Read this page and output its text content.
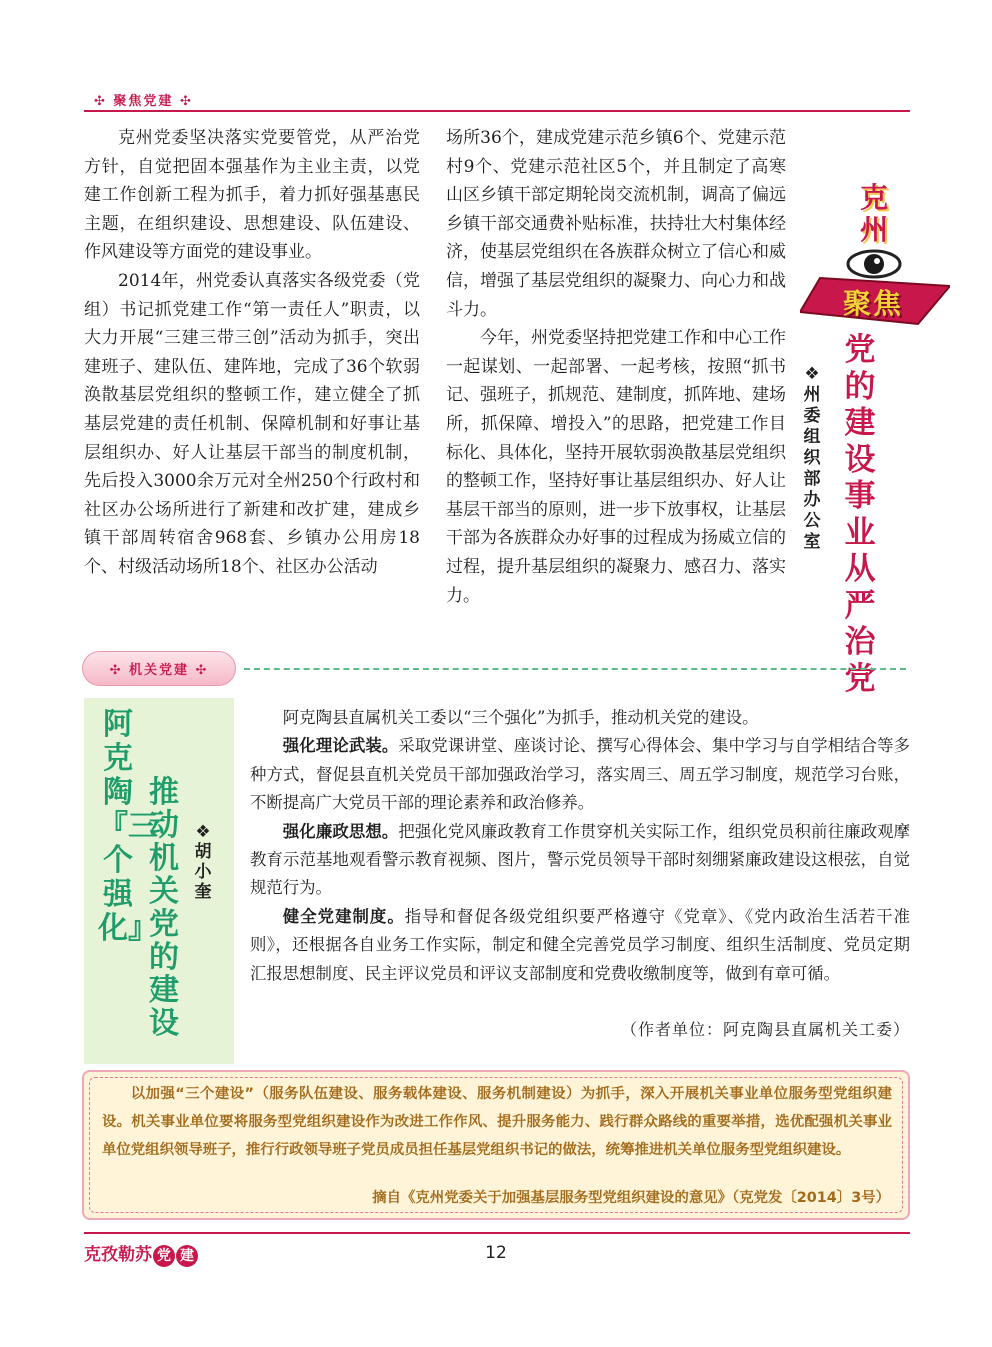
✣ 聚焦党建 ✣

克州党委坚决落实党要管党，从严治党方针，自觉把固本强基作为主业主责，以党建工作创新工程为抓手，着力抓好强基惠民主题，在组织建设、思想建设、队伍建设、作风建设等方面党的建设事业。

2014年，州党委认真落实各级党委（党组）书记抓党建工作“第一责任人”职责，以大力开展“三建三带三创”活动为抓手，突出建班子、建队伍、建阵地，完成了36个软弱涣散基层党组织的整顿工作，建立健全了抓基层党建的责任机制、保障机制和好事让基层组织办、好人让基层干部当的制度机制，先后投入3000余万元对全州250个行政村和社区办公场所进行了新建和改扩建，建成乡镇干部周转宿舍968套、乡镇办公用房18个、村级活动场所18个、社区办公活动

场所36个，建成党建示范乡镇6个、党建示范村9个、党建示范社区5个，并且制定了高寒山区乡镇干部定期轮岗交流机制，调高了偏远乡镇干部交通费补贴标准，扶持壮大村集体经济，使基层党组织在各族群众树立了信心和威信，增强了基层党组织的凝聚力、向心力和战斗力。

今年，州党委坚持把党建工作和中心工作一起谋划、一起部署、一起考核，按照“抓书记、强班子，抓规范、建制度，抓阵地、建场所，抓保障、增投入”的思路，把党建工作目标化、具体化，坚持开展软弱涣散基层党组织的整顿工作，坚持好事让基层组织办、好人让基层干部当的原则，进一步下放事权，让基层干部为各族群众办好事的过程成为扬威立信的过程，提升基层组织的凝聚力、感召力、落实力。

克州
聚焦
党的建设事业从严治党
❖州委组织部办公室
✣ 机关党建 ✣
阿克陶『三个强化』
推动机关党的建设
❖胡小奎

阿克陶县直属机关工委以“三个强化”为抓手，推动机关党的建设。

强化理论武装。采取党课讲堂、座谈讨论、撰写心得体会、集中学习与自学相结合等多种方式，督促县直机关党员干部加强政治学习，落实周三、周五学习制度，规范学习台账，不断提高广大党员干部的理论素养和政治修养。

强化廉政思想。把强化党风廉政教育工作贯穿机关实际工作，组织党员积前往廉政观摩教育示范基地观看警示教育视频、图片，警示党员领导干部时刻绷紧廉政建设这根弦，自觉规范行为。

健全党建制度。指导和督促各级党组织要严格遵守《党章》、《党内政治生活若干准则》，还根据各自业务工作实际，制定和健全完善党员学习制度、组织生活制度、党员定期汇报思想制度、民主评议党员和评议支部制度和党费收缴制度等，做到有章可循。

（作者单位：阿克陶县直属机关工委）

以加强“三个建设”（服务队伍建设、服务载体建设、服务机制建设）为抓手，深入开展机关事业单位服务型党组织建设。机关事业单位要将服务型党组织建设作为改进工作作风、提升服务能力、践行群众路线的重要举措，选优配强机关事业单位党组织领导班子，推行行政领导班子党员成员担任基层党组织书记的做法，统筹推进机关单位服务型党组织建设。

摘自《克州党委关于加强基层服务型党组织建设的意见》（克党发〔2014〕3号）
克孜勒苏 党 建	12
